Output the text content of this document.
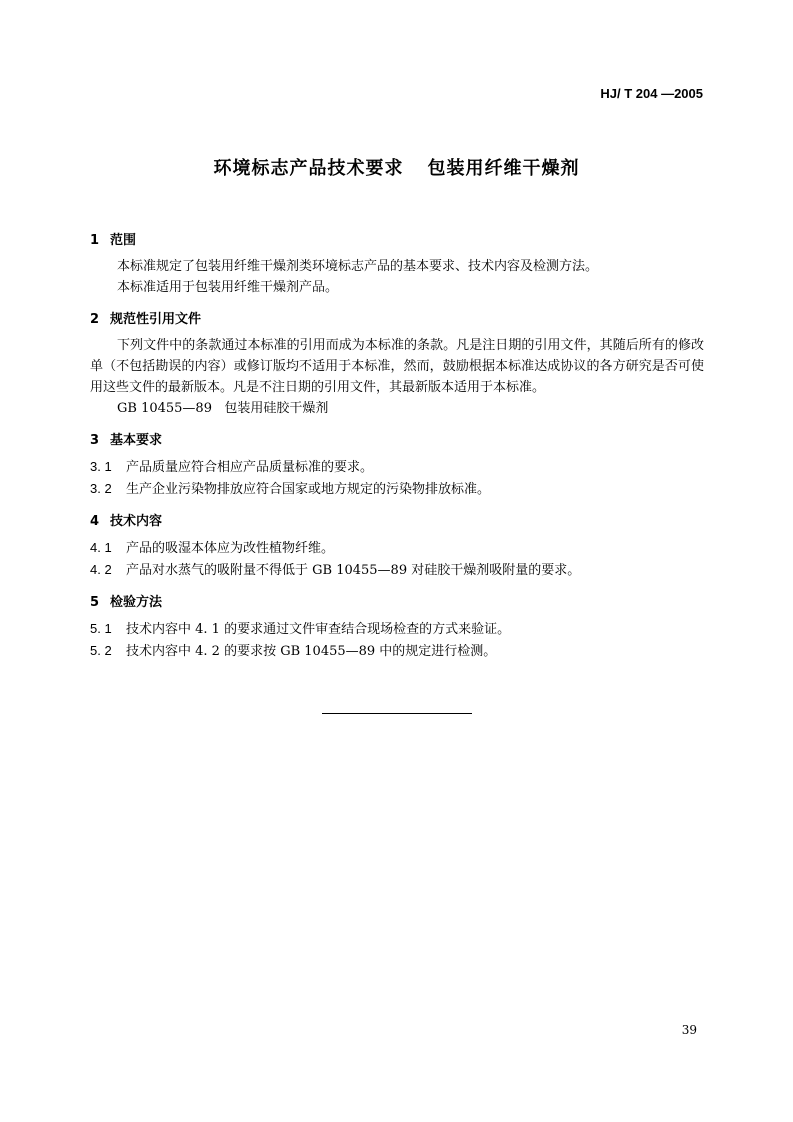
HJ/ T 204 —2005
环境标志产品技术要求 包装用纤维干燥剂
1 范围

本标准规定了包装用纤维干燥剂类环境标志产品的基本要求、技术内容及检测方法。

本标准适用于包装用纤维干燥剂产品。

2 规范性引用文件

下列文件中的条款通过本标准的引用而成为本标准的条款。凡是注日期的引用文件，其随后所有的修改单（不包括勘误的内容）或修订版均不适用于本标准，然而，鼓励根据本标准达成协议的各方研究是否可使用这些文件的最新版本。凡是不注日期的引用文件，其最新版本适用于本标准。

GB 10455—89 包装用硅胶干燥剂

3 基本要求

3. 1 产品质量应符合相应产品质量标准的要求。

3. 2 生产企业污染物排放应符合国家或地方规定的污染物排放标准。

4 技术内容

4. 1 产品的吸湿本体应为改性植物纤维。

4. 2 产品对水蒸气的吸附量不得低于 GB 10455—89 对硅胶干燥剂吸附量的要求。

5 检验方法

5. 1 技术内容中 4. 1 的要求通过文件审查结合现场检查的方式来验证。

5. 2 技术内容中 4. 2 的要求按 GB 10455—89 中的规定进行检测。

39
